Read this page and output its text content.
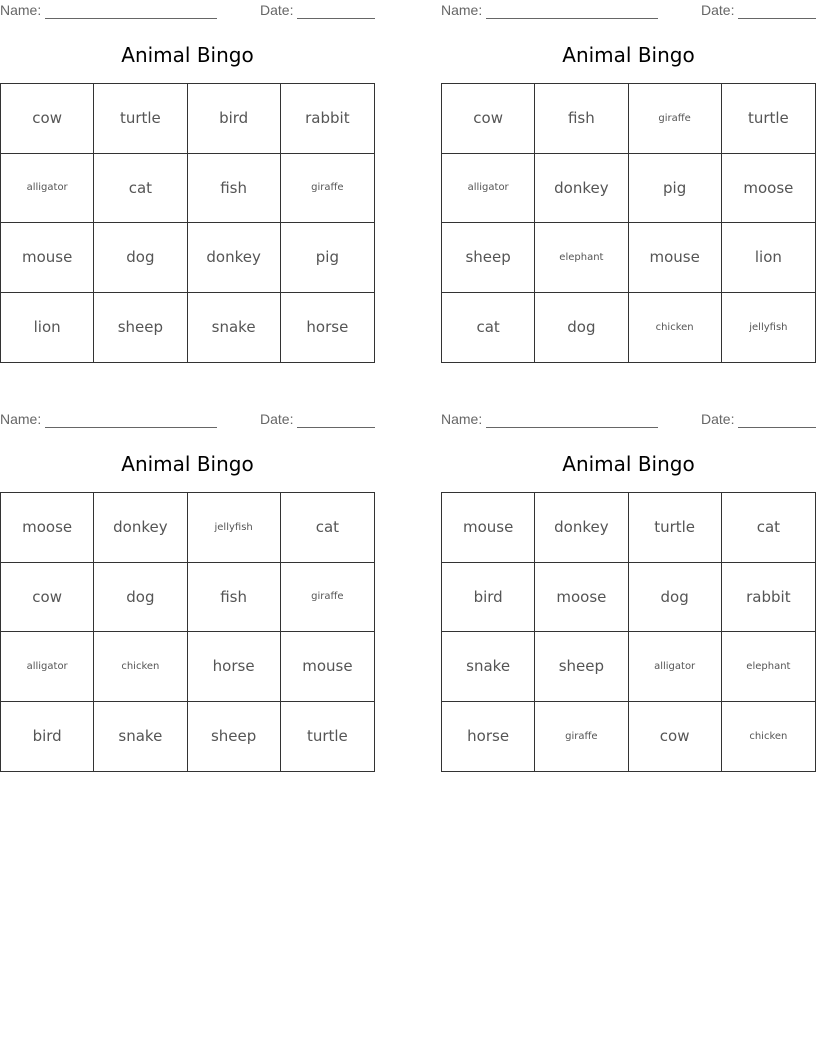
Name:	Date:
Animal Bingo
cow	turtle	bird	rabbit
alligator	cat	fish	giraffe
mouse	dog	donkey	pig
lion	sheep	snake	horse
Name:	Date:
Animal Bingo
cow	fish	giraffe	turtle
alligator	donkey	pig	moose
sheep	elephant	mouse	lion
cat	dog	chicken	jellyfish
Name:	Date:
Animal Bingo
moose	donkey	jellyfish	cat
cow	dog	fish	giraffe
alligator	chicken	horse	mouse
bird	snake	sheep	turtle
Name:	Date:
Animal Bingo
mouse	donkey	turtle	cat
bird	moose	dog	rabbit
snake	sheep	alligator	elephant
horse	giraffe	cow	chicken
